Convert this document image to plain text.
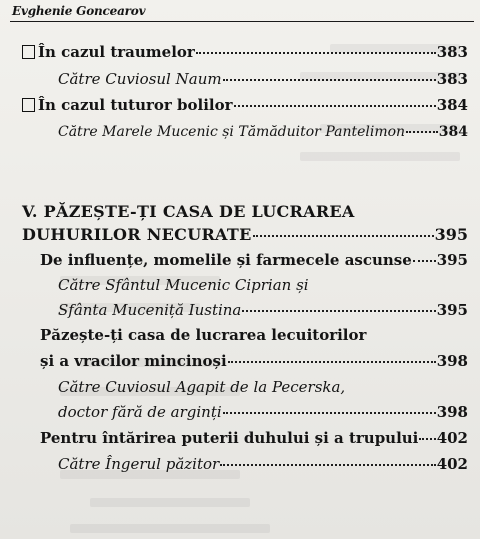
Evghenie Goncearov
În cazul traumelor	383
Către Cuviosul Naum	383
În cazul tuturor bolilor	384
Către Marele Mucenic și Tămăduitor Pantelimon 384
V. PĂZEȘTE-ȚI CASA DE LUCRAREA
DUHURILOR NECURATE	395
De influențe, momelile și farmecele ascunse 395
Către Sfântul Mucenic Ciprian și
Sfânta Muceniță Iustina	395
Păzește-ți casa de lucrarea lecuitorilor
și a vracilor mincinoși	398
Către Cuviosul Agapit de la Pecerska,
doctor fără de arginți	398
Pentru întărirea puterii duhului și a trupului 402
Către Îngerul păzitor	402
